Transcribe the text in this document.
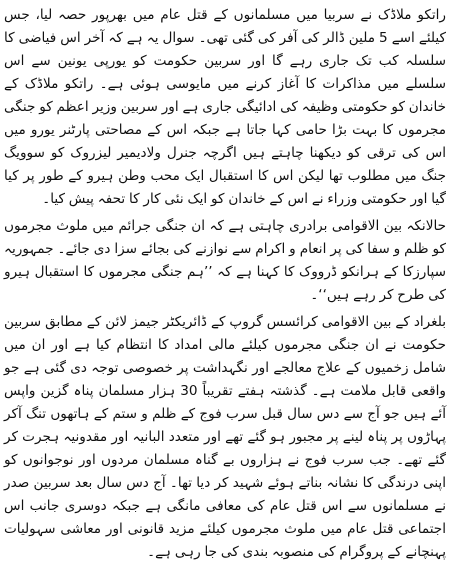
راتکو ملاڈک نے سربیا میں مسلمانوں کے قتل عام میں بھرپور حصہ لیا، جس کیلئے اسے 5 ملین ڈالر کی آفر کی گئی تھی۔ سوال یہ ہے کہ آخر اس فیاضی کا سلسلہ کب تک جاری رہے گا اور سربین حکومت کو یورپی یونین سے اس سلسلے میں مذاکرات کا آغاز کرنے میں مایوسی ہوئی ہے۔ راتکو ملاڈک کے خاندان کو حکومتی وظیفہ کی ادائیگی جاری ہے اور سربین وزیر اعظم کو جنگی مجرموں کا بہت بڑا حامی کہا جاتا ہے جبکہ اس کے مصاحتی پارٹنر یورو میں اس کی ترقی کو دیکھنا چاہتے ہیں اگرچہ جنرل ولادیمیر لیزروک کو سوویگ جنگ میں مطلوب تھا لیکن اس کا استقبال ایک محب وطن ہیرو کے طور پر کیا گیا اور حکومتی وزراء نے اس کے خاندان کو ایک نئی کار کا تحفہ پیش کیا۔

حالانکہ بین الاقوامی برادری چاہتی ہے کہ ان جنگی جرائم میں ملوث مجرموں کو ظلم و سفا کی پر انعام و اکرام سے نوازنے کی بجائے سزا دی جائے۔ جمہوریہ سپارزکا کے ہرانکو ڈرووک کا کہنا ہے کہ ’’ہم جنگی مجرموں کا استقبال ہیرو کی طرح کر رہے ہیں‘‘۔

بلغراد کے بین الاقوامی کرائسس گروپ کے ڈائریکٹر جیمز لائن کے مطابق سربین حکومت نے ان جنگی مجرموں کیلئے مالی امداد کا انتظام کیا ہے اور ان میں شامل زخمیوں کے علاج معالجے اور نگہداشت پر خصوصی توجہ دی گئی ہے جو واقعی قابل ملامت ہے۔ گذشتہ ہفتے تقریباً 30 ہزار مسلمان پناہ گزین واپس آئے ہیں جو آج سے دس سال قبل سرب فوج کے ظلم و ستم کے ہاتھوں تنگ آکر پہاڑوں پر پناہ لینے پر مجبور ہو گئے تھے اور متعدد البانیہ اور مقدونیہ ہجرت کر گئے تھے۔ جب سرب فوج نے ہزاروں بے گناہ مسلمان مردوں اور نوجوانوں کو اپنی درندگی کا نشانہ بناتے ہوئے شہید کر دیا تھا۔ آج دس سال بعد سربین صدر نے مسلمانوں سے اس قتل عام کی معافی مانگی ہے جبکہ دوسری جانب اس اجتماعی قتل عام میں ملوث مجرموں کیلئے مزید قانونی اور معاشی سہولیات پہنچانے کے پروگرام کی منصوبہ بندی کی جا رہی ہے۔
